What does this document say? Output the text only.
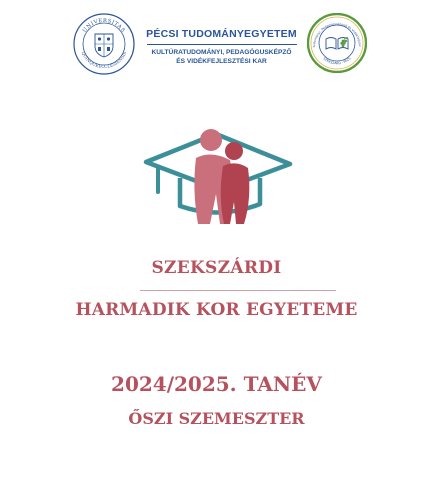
UNIVERSITAS
QUINQUEECCLESIENSIS
PÉCSI TUDOMÁNYEGYETEM
KULTÚRATUDOMÁNYI, PEDAGÓGUSKÉPZŐ
ÉS VIDÉKFEJLESZTÉSI KAR
tudományi, Pedagógusképző és Vidékfejlesz
SZEKSZÁRD · PÉCS
SZEKSZÁRDI
HARMADIK KOR EGYETEME
2024/2025. TANÉV
ŐSZI SZEMESZTER
